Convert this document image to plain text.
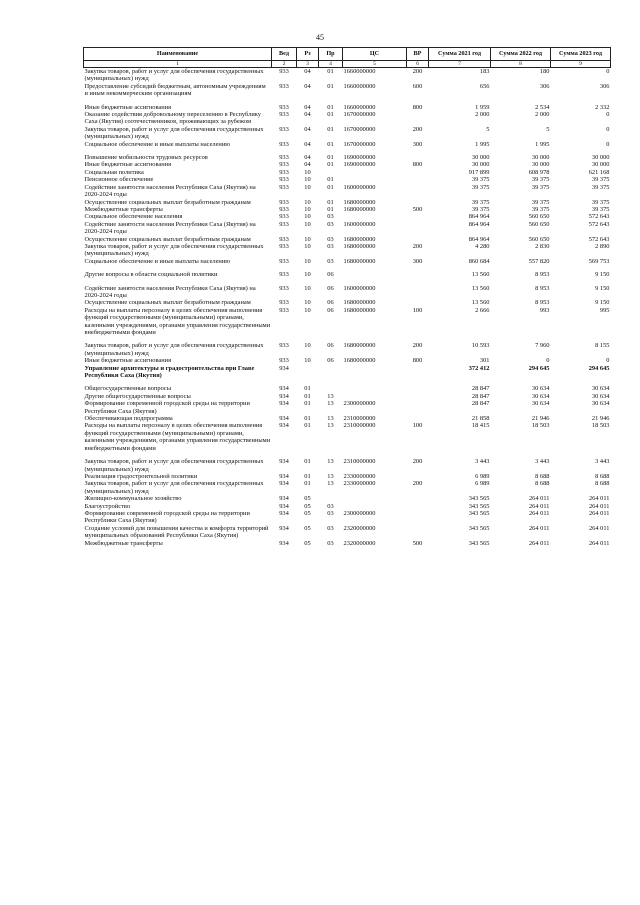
45
Наименование	Вед	Рз	Пр	ЦС	ВР	Сумма 2021 год	Сумма 2022 год	Сумма 2023 год
1	2	3	4	5	6	7	8	9
Закупка товаров, работ и услуг для обеспечения государственных (муниципальных) нужд	933	04	01	1660000000	200	183	180	0
Предоставление субсидий бюджетным, автономным учреждениям и иным некоммерческим организациям	933	04	01	1660000000	600	656	306	306

Иные бюджетные ассигнования	933	04	01	1660000000	800	1 959	2 534	2 332
Оказание содействия добровольному переселению в Республику Саха (Якутия) соотечественников, проживающих за рубежом	933	04	01	1670000000		2 000	2 000	0
Закупка товаров, работ и услуг для обеспечения государственных (муниципальных) нужд	933	04	01	1670000000	200	5	5	0
Социальное обеспечение и иные выплаты населению	933	04	01	1670000000	300	1 995	1 995	0

Повышение мобильности трудовых ресурсов	933	04	01	1690000000		30 000	30 000	30 000
Иные бюджетные ассигнования	933	04	01	1690000000	800	30 000	30 000	30 000
Социальная политика	933	10				917 899	608 978	621 168
Пенсионное обеспечение	933	10	01			39 375	39 375	39 375
Содействие занятости населения Республики Саха (Якутия) на 2020-2024 годы	933	10	01	1600000000		39 375	39 375	39 375
Осуществление социальных выплат безработным гражданам	933	10	01	1680000000		39 375	39 375	39 375
Межбюджетные трансферты	933	10	01	1680000000	500	39 375	39 375	39 375
Социальное обеспечение населения	933	10	03			864 964	560 650	572 643
Содействие занятости населения Республики Саха (Якутия) на 2020-2024 годы	933	10	03	1600000000		864 964	560 650	572 643
Осуществление социальных выплат безработным гражданам	933	10	03	1680000000		864 964	560 650	572 643
Закупка товаров, работ и услуг для обеспечения государственных (муниципальных) нужд	933	10	03	1680000000	200	4 280	2 830	2 890
Социальное обеспечение и иные выплаты населению	933	10	03	1680000000	300	860 684	557 820	569 753

Другие вопросы в области социальной политики	933	10	06			13 560	8 953	9 150

Содействие занятости населения Республики Саха (Якутия) на 2020-2024 годы	933	10	06	1600000000		13 560	8 953	9 150
Осуществление социальных выплат безработным гражданам	933	10	06	1680000000		13 560	8 953	9 150
Расходы на выплаты персоналу в целях обеспечения выполнения функций государственными (муниципальными) органами, казенными учреждениями, органами управления государственными внебюджетными фондами	933	10	06	1680000000	100	2 666	993	995

Закупка товаров, работ и услуг для обеспечения государственных (муниципальных) нужд	933	10	06	1680000000	200	10 593	7 960	8 155
Иные бюджетные ассигнования	933	10	06	1680000000	800	301	0	0
Управление архитектуры и градостроительства при Главе Республики Саха (Якутия)	934					372 412	294 645	294 645

Общегосударственные вопросы	934	01				28 847	30 634	30 634
Другие общегосударственные вопросы	934	01	13			28 847	30 634	30 634
Формирование современной городской среды на территории Республики Саха (Якутия)	934	01	13	2300000000		28 847	30 634	30 634
Обеспечивающая подпрограмма	934	01	13	2310000000		21 858	21 946	21 946
Расходы на выплаты персоналу в целях обеспечения выполнения функций государственными (муниципальными) органами, казенными учреждениями, органами управления государственными внебюджетными фондами	934	01	13	2310000000	100	18 415	18 503	18 503

Закупка товаров, работ и услуг для обеспечения государственных (муниципальных) нужд	934	01	13	2310000000	200	3 443	3 443	3 443
Реализация градостроительной политики	934	01	13	2330000000		6 989	8 688	8 688
Закупка товаров, работ и услуг для обеспечения государственных (муниципальных) нужд	934	01	13	2330000000	200	6 989	8 688	8 688
Жилищно-коммунальное хозяйство	934	05				343 565	264 011	264 011
Благоустройство	934	05	03			343 565	264 011	264 011
Формирование современной городской среды на территории Республики Саха (Якутия)	934	05	03	2300000000		343 565	264 011	264 011
Создание условий для повышения качества и комфорта территорий муниципальных образований Республики Саха (Якутия)	934	05	03	2320000000		343 565	264 011	264 011
Межбюджетные трансферты	934	05	03	2320000000	500	343 565	264 011	264 011
